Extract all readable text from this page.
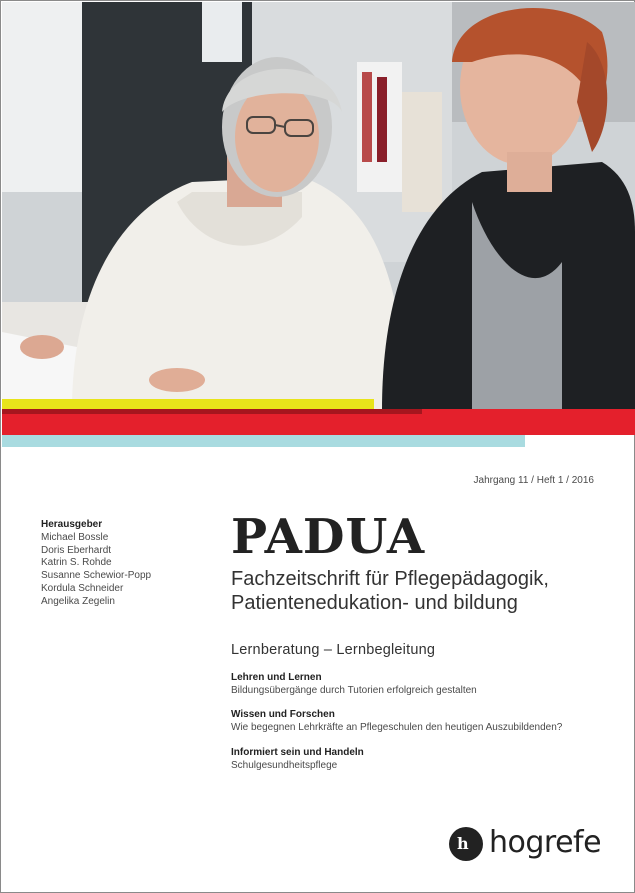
Jahrgang 11 / Heft 1 / 2016
Herausgeber
Michael Bossle
Doris Eberhardt
Katrin S. Rohde
Susanne Schewior-Popp
Kordula Schneider
Angelika Zegelin
PADUA
Fachzeitschrift für Pflegepädagogik,
Patientenedukation- und bildung
Lernberatung – Lernbegleitung
Lehren und Lernen
Bildungsübergänge durch Tutorien erfolgreich gestalten
Wissen und Forschen
Wie begegnen Lehrkräfte an Pflegeschulen den heutigen Auszubildenden?
Informiert sein und Handeln
Schulgesundheitspflege
h hogrefe
